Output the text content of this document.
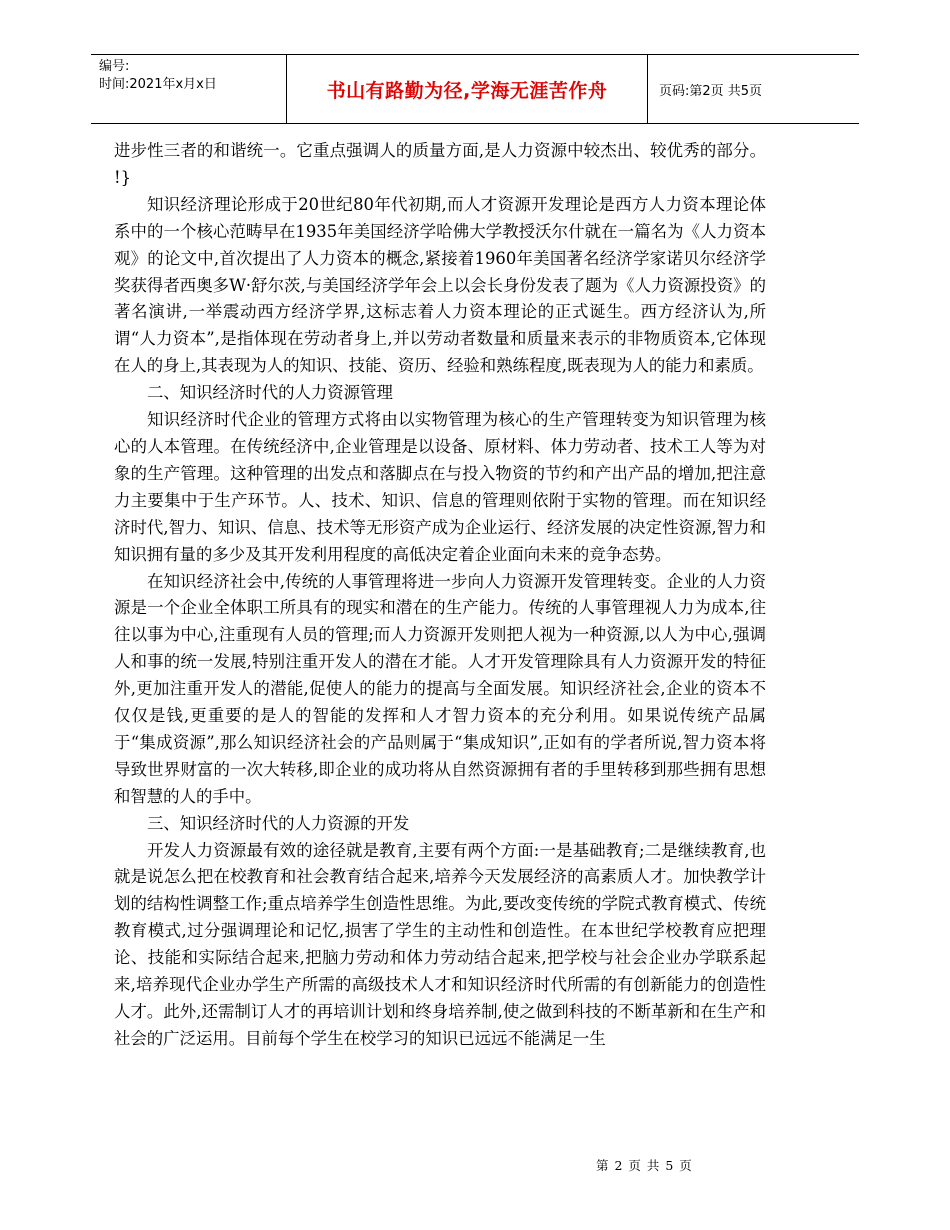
编号:
时间:2021年x月x日	书山有路勤为径,学海无涯苦作舟	页码:第2页 共5页

进步性三者的和谐统一。它重点强调人的质量方面,是人力资源中较杰出、较优秀的部分。 !}

知识经济理论形成于20世纪80年代初期,而人才资源开发理论是西方人力资本理论体系中的一个核心范畴早在1935年美国经济学哈佛大学教授沃尔什就在一篇名为《人力资本观》的论文中,首次提出了人力资本的概念,紧接着1960年美国著名经济学家诺贝尔经济学奖获得者西奥多W·舒尔茨,与美国经济学年会上以会长身份发表了题为《人力资源投资》的著名演讲,一举震动西方经济学界,这标志着人力资本理论的正式诞生。西方经济认为,所谓“人力资本”,是指体现在劳动者身上,并以劳动者数量和质量来表示的非物质资本,它体现在人的身上,其表现为人的知识、技能、资历、经验和熟练程度,既表现为人的能力和素质。

二、知识经济时代的人力资源管理

知识经济时代企业的管理方式将由以实物管理为核心的生产管理转变为知识管理为核心的人本管理。在传统经济中,企业管理是以设备、原材料、体力劳动者、技术工人等为对象的生产管理。这种管理的出发点和落脚点在与投入物资的节约和产出产品的增加,把注意力主要集中于生产环节。人、技术、知识、信息的管理则依附于实物的管理。而在知识经济时代,智力、知识、信息、技术等无形资产成为企业运行、经济发展的决定性资源,智力和知识拥有量的多少及其开发利用程度的高低决定着企业面向未来的竞争态势。

在知识经济社会中,传统的人事管理将进一步向人力资源开发管理转变。企业的人力资源是一个企业全体职工所具有的现实和潜在的生产能力。传统的人事管理视人力为成本,往往以事为中心,注重现有人员的管理;而人力资源开发则把人视为一种资源,以人为中心,强调人和事的统一发展,特别注重开发人的潜在才能。人才开发管理除具有人力资源开发的特征外,更加注重开发人的潜能,促使人的能力的提高与全面发展。知识经济社会,企业的资本不仅仅是钱,更重要的是人的智能的发挥和人才智力资本的充分利用。如果说传统产品属于“集成资源”,那么知识经济社会的产品则属于“集成知识”,正如有的学者所说,智力资本将导致世界财富的一次大转移,即企业的成功将从自然资源拥有者的手里转移到那些拥有思想和智慧的人的手中。

三、知识经济时代的人力资源的开发

开发人力资源最有效的途径就是教育,主要有两个方面:一是基础教育;二是继续教育,也就是说怎么把在校教育和社会教育结合起来,培养今天发展经济的高素质人才。加快教学计划的结构性调整工作;重点培养学生创造性思维。为此,要改变传统的学院式教育模式、传统教育模式,过分强调理论和记忆,损害了学生的主动性和创造性。在本世纪学校教育应把理论、技能和实际结合起来,把脑力劳动和体力劳动结合起来,把学校与社会企业办学联系起来,培养现代企业办学生产所需的高级技术人才和知识经济时代所需的有创新能力的创造性人才。此外,还需制订人才的再培训计划和终身培养制,使之做到科技的不断革新和在生产和社会的广泛运用。目前每个学生在校学习的知识已远远不能满足一生

第 2 页 共 5 页
